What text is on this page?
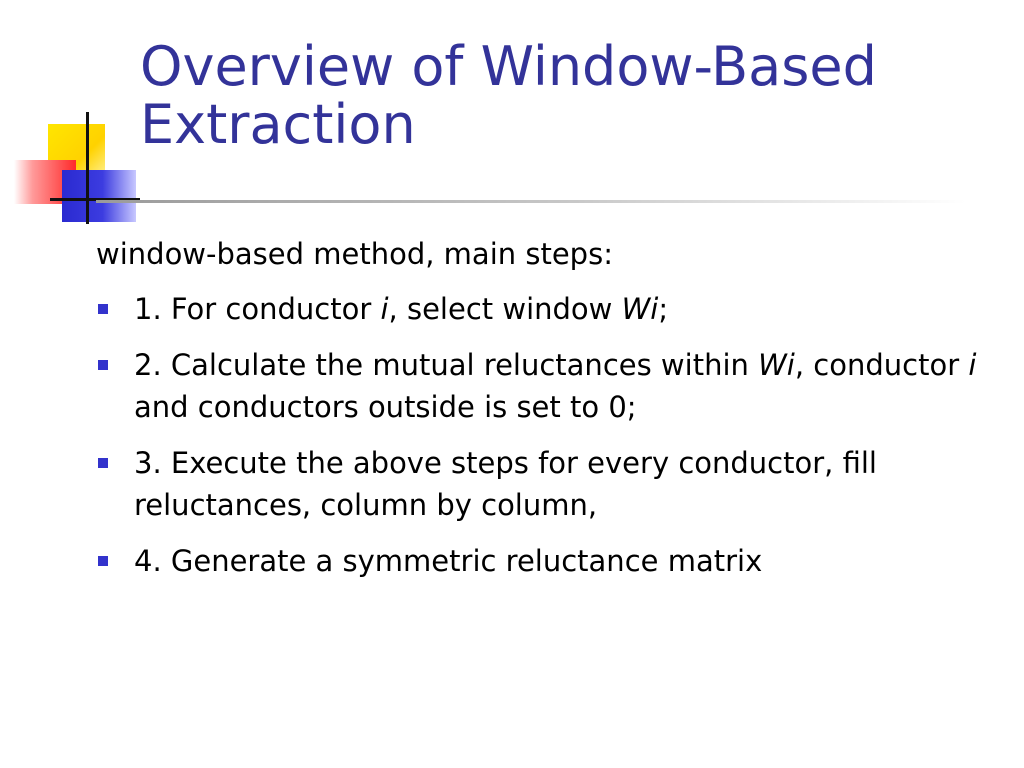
Overview of Window-Based
Extraction

window-based method, main steps:

1. For conductor i, select window Wi;
2. Calculate the mutual reluctances within Wi, conductor i and conductors outside is set to 0;
3. Execute the above steps for every conductor, fill reluctances, column by column,
4. Generate a symmetric reluctance matrix
